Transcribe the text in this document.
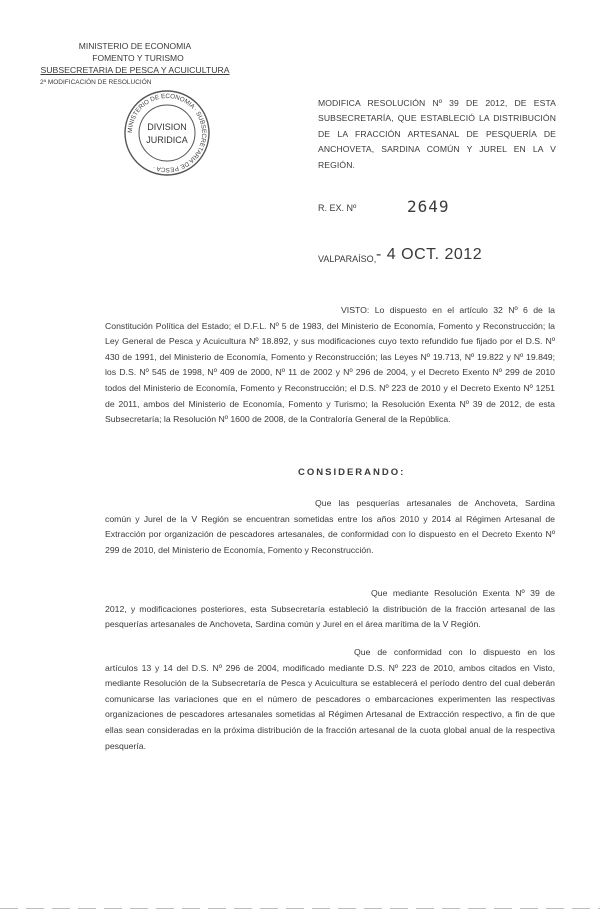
MINISTERIO DE ECONOMIA
FOMENTO Y TURISMO
SUBSECRETARIA DE PESCA Y ACUICULTURA
2ª MODIFICACIÓN DE RESOLUCIÓN
MINISTERIO DE ECONOMIA · SUBSECRETARIA DE PESCA ·
DIVISION
JURIDICA
MODIFICA RESOLUCIÓN Nº 39 DE 2012, DE ESTA SUBSECRETARÍA, QUE ESTABLECIÓ LA DISTRIBUCIÓN DE LA FRACCIÓN ARTESANAL DE PESQUERÍA DE ANCHOVETA, SARDINA COMÚN Y JUREL EN LA V REGIÓN.
R. EX. Nº	2649
VALPARAÍSO, - 4 OCT. 2012
VISTO: Lo dispuesto en el artículo 32 Nº 6 de la Constitución Política del Estado; el D.F.L. Nº 5 de 1983, del Ministerio de Economía, Fomento y Reconstrucción; la Ley General de Pesca y Acuicultura Nº 18.892, y sus modificaciones cuyo texto refundido fue fijado por el D.S. Nº 430 de 1991, del Ministerio de Economía, Fomento y Reconstrucción; las Leyes Nº 19.713, Nº 19.822 y Nº 19.849; los D.S. Nº 545 de 1998, Nº 409 de 2000, Nº 11 de 2002 y Nº 296 de 2004, y el Decreto Exento Nº 299 de 2010 todos del Ministerio de Economía, Fomento y Reconstrucción; el D.S. Nº 223 de 2010 y el Decreto Exento Nº 1251 de 2011, ambos del Ministerio de Economía, Fomento y Turismo; la Resolución Exenta Nº 39 de 2012, de esta Subsecretaría; la Resolución Nº 1600 de 2008, de la Contraloría General de la República.
CONSIDERANDO:
Que las pesquerías artesanales de Anchoveta, Sardina común y Jurel de la V Región se encuentran sometidas entre los años 2010 y 2014 al Régimen Artesanal de Extracción por organización de pescadores artesanales, de conformidad con lo dispuesto en el Decreto Exento Nº 299 de 2010, del Ministerio de Economía, Fomento y Reconstrucción.
Que mediante Resolución Exenta Nº 39 de 2012, y modificaciones posteriores, esta Subsecretaría estableció la distribución de la fracción artesanal de las pesquerías artesanales de Anchoveta, Sardina común y Jurel en el área marítima de la V Región.
Que de conformidad con lo dispuesto en los artículos 13 y 14 del D.S. Nº 296 de 2004, modificado mediante D.S. Nº 223 de 2010, ambos citados en Visto, mediante Resolución de la Subsecretaría de Pesca y Acuicultura se establecerá el período dentro del cual deberán comunicarse las variaciones que en el número de pescadores o embarcaciones experimenten las respectivas organizaciones de pescadores artesanales sometidas al Régimen Artesanal de Extracción respectivo, a fin de que ellas sean consideradas en la próxima distribución de la fracción artesanal de la cuota global anual de la respectiva pesquería.
